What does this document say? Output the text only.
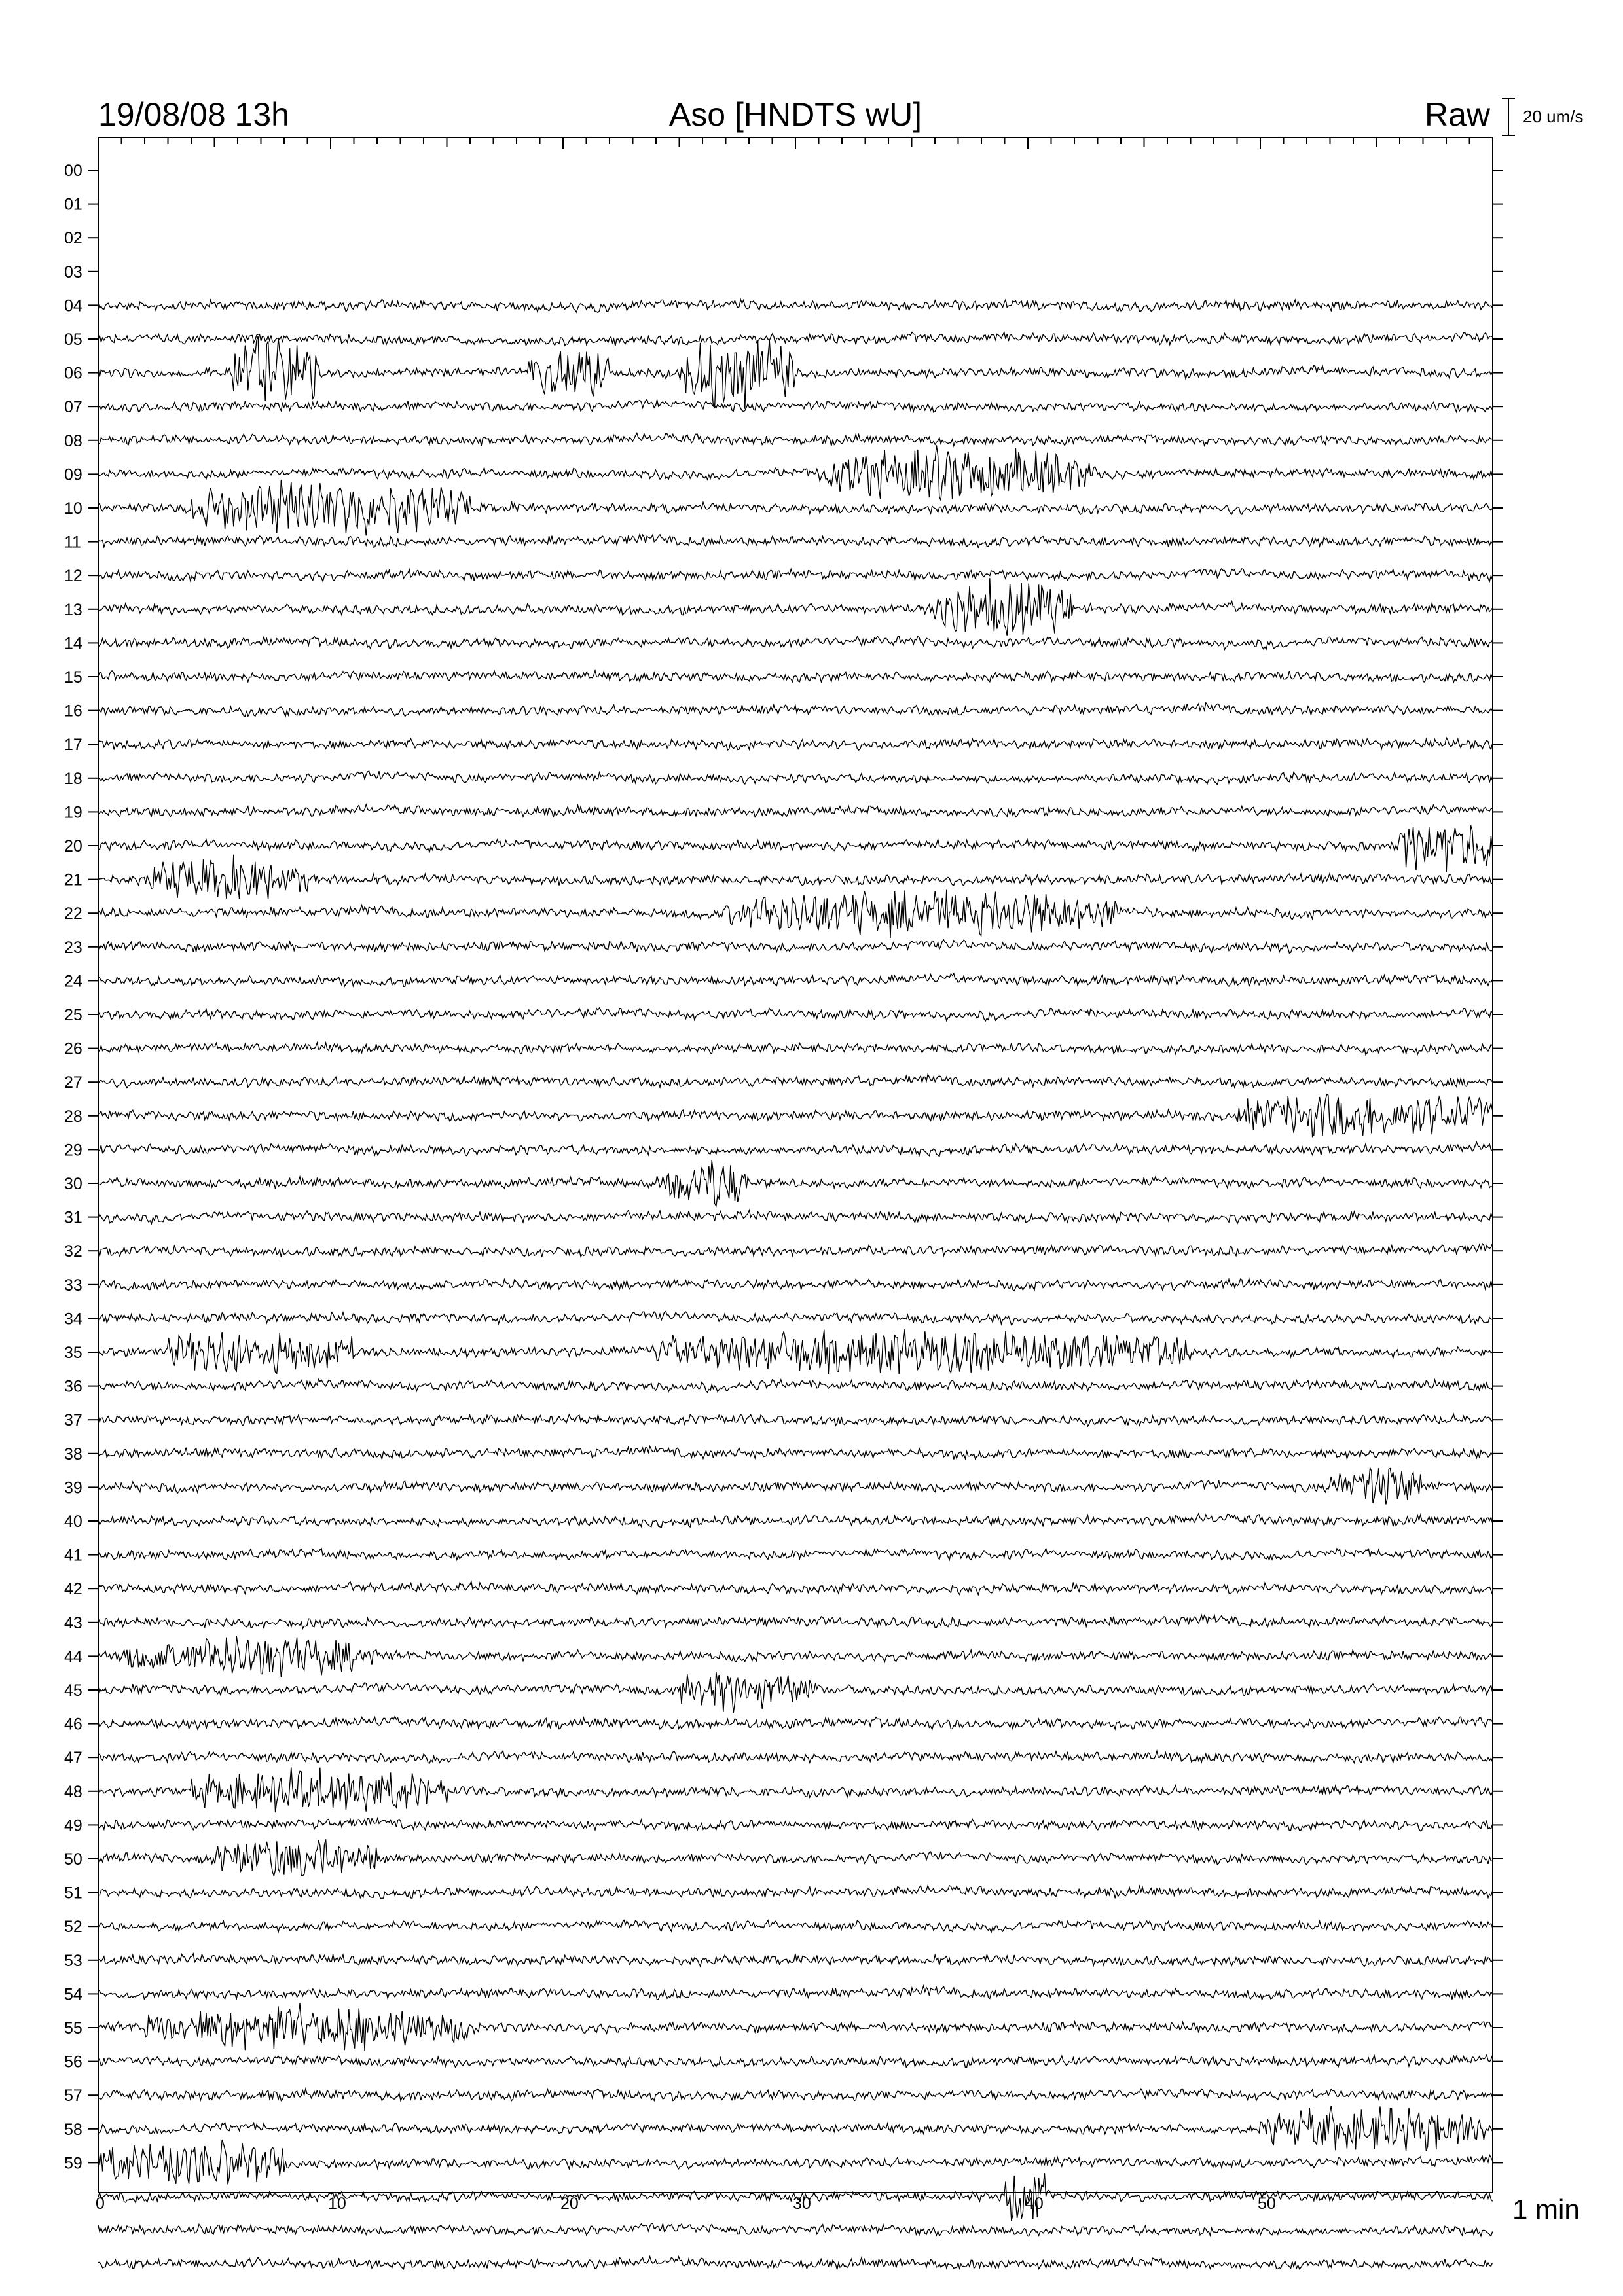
19/08/08 13h	Aso [HNDTS wU]	Raw 20 um/s
00
01
02
03
04
05
06
07
08
09
10
11
12
13
14
15
16
17
18
19
20
21
22
23
24
25
26
27
28
29
30
31
32
33
34
35
36
37
38
39
40
41
42
43
44
45
46
47
48
49
50
51
52
53
54
55
56
57
58
59
0	10	20	30	40	50	1 min
